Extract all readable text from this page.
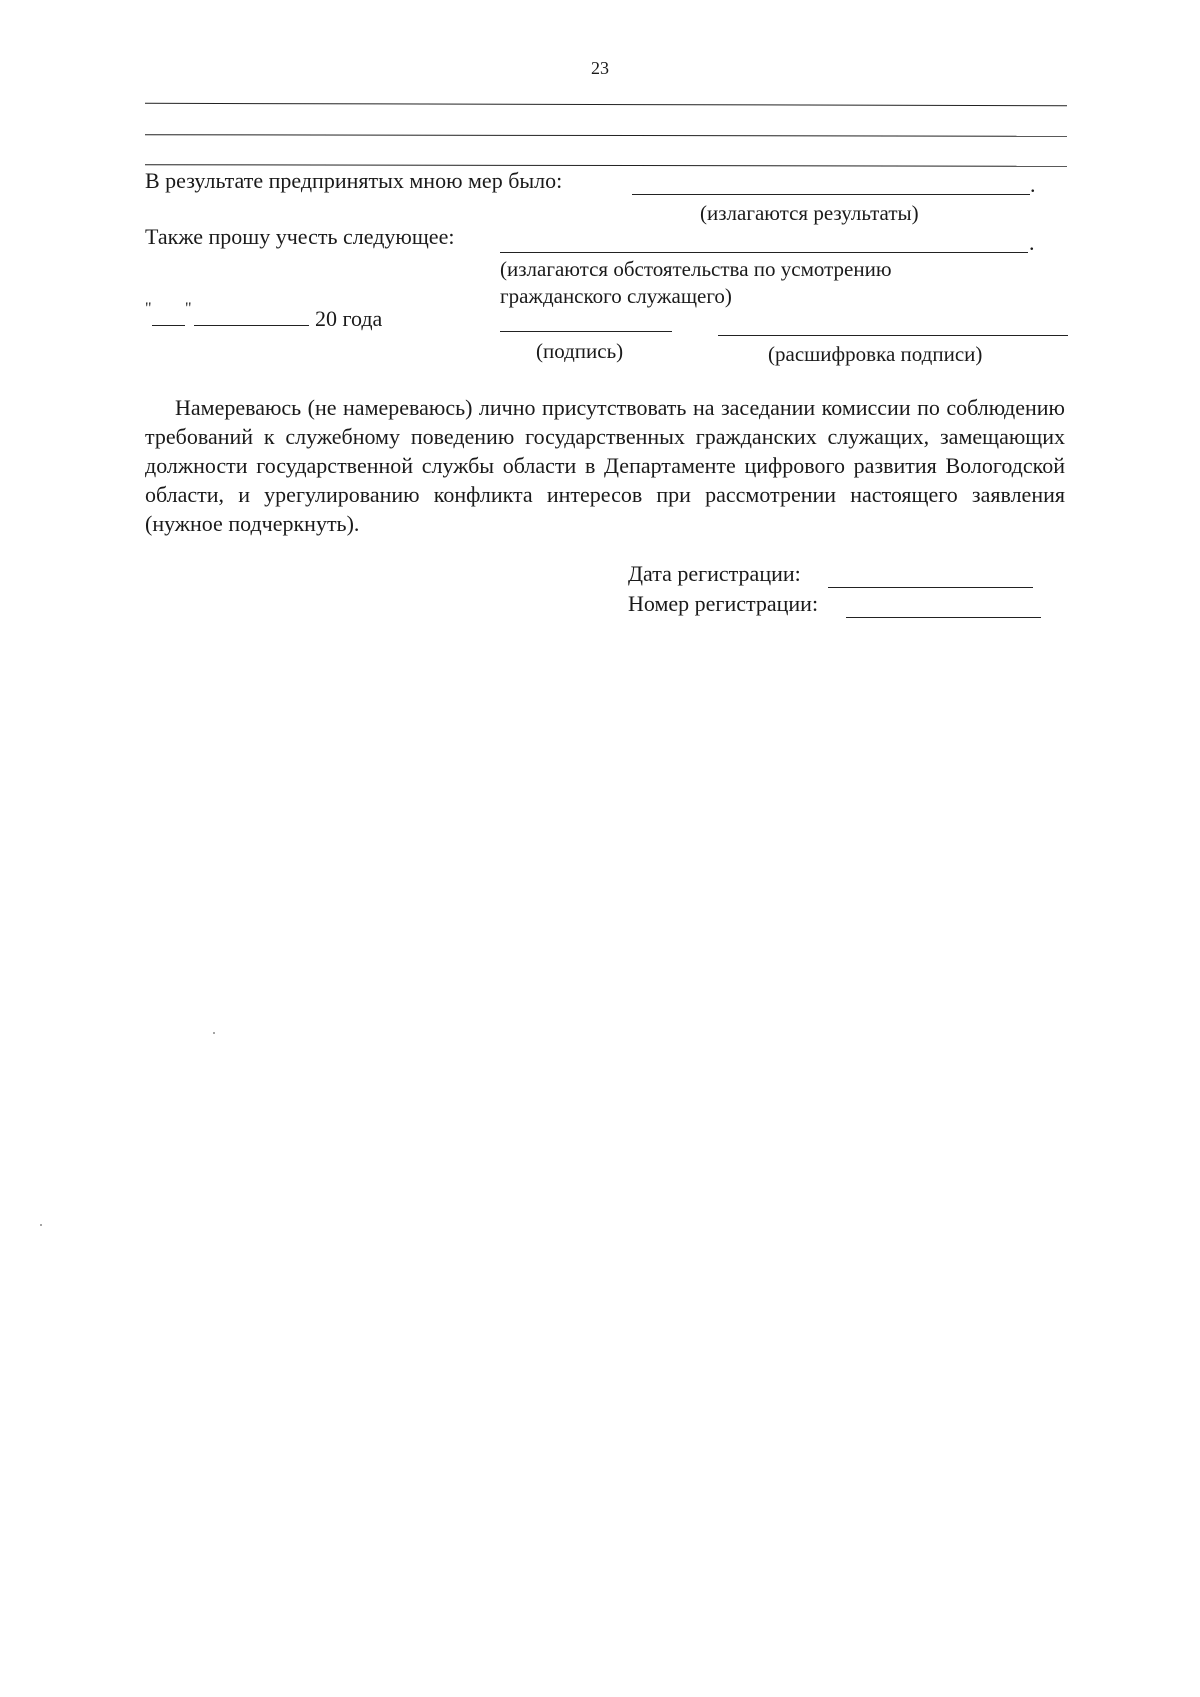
23
В результате предпринятых мною мер было:	.
(излагаются результаты)
Также прошу учесть следующее:	.
(излагаются обстоятельства по усмотрению
гражданского служащего)
" "	20 года
(подпись)	(расшифровка подписи)
Намереваюсь (не намереваюсь) лично присутствовать на заседании комиссии по соблюдению требований к служебному поведению государственных гражданских служащих, замещающих должности государственной службы области в Департаменте цифрового развития Вологодской области, и урегулированию конфликта интересов при рассмотрении настоящего заявления (нужное подчеркнуть).
Дата регистрации:
Номер регистрации:
